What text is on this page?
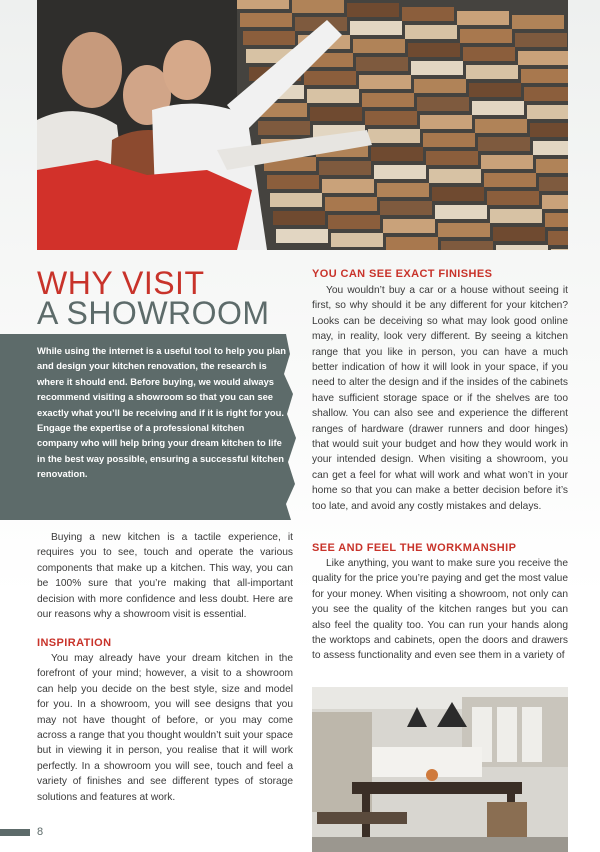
WHY VISIT
A SHOWROOM

While using the internet is a useful tool to help you plan and design your kitchen renovation, the research is where it should end. Before buying, we would always recommend visiting a showroom so that you can see exactly what you’ll be receiving and if it is right for you. Engage the expertise of a professional kitchen company who will help bring your dream kitchen to life in the best way possible, ensuring a successful kitchen renovation.

Buying a new kitchen is a tactile experience, it requires you to see, touch and operate the various components that make up a kitchen. This way, you can be 100% sure that you’re making that all-important decision with more confidence and less doubt. Here are our reasons why a showroom visit is essential.

INSPIRATION

You may already have your dream kitchen in the forefront of your mind; however, a visit to a showroom can help you decide on the best style, size and model for you. In a showroom, you will see designs that you may not have thought of before, or you may come across a range that you thought wouldn’t suit your space but in viewing it in person, you realise that it will work perfectly. In a showroom you will see, touch and feel a variety of finishes and see different types of storage solutions and features at work.

YOU CAN SEE EXACT FINISHES

You wouldn’t buy a car or a house without seeing it first, so why should it be any different for your kitchen? Looks can be deceiving so what may look good online may, in reality, look very different. By seeing a kitchen range that you like in person, you can have a much better indication of how it will look in your space, if you need to alter the design and if the insides of the cabinets have sufficient storage space or if the shelves are too shallow. You can also see and experience the different ranges of hardware (drawer runners and door hinges) that would suit your budget and how they would work in your intended design. When visiting a showroom, you can get a feel for what will work and what won’t in your home so that you can make a better decision before it’s too late, and avoid any costly mistakes and delays.

SEE AND FEEL THE WORKMANSHIP

Like anything, you want to make sure you receive the quality for the price you’re paying and get the most value for your money. When visiting a showroom, not only can you see the quality of the kitchen ranges but you can also feel the quality too. You can run your hands along the worktops and cabinets, open the doors and drawers to assess functionality and even see them in a variety of

8
